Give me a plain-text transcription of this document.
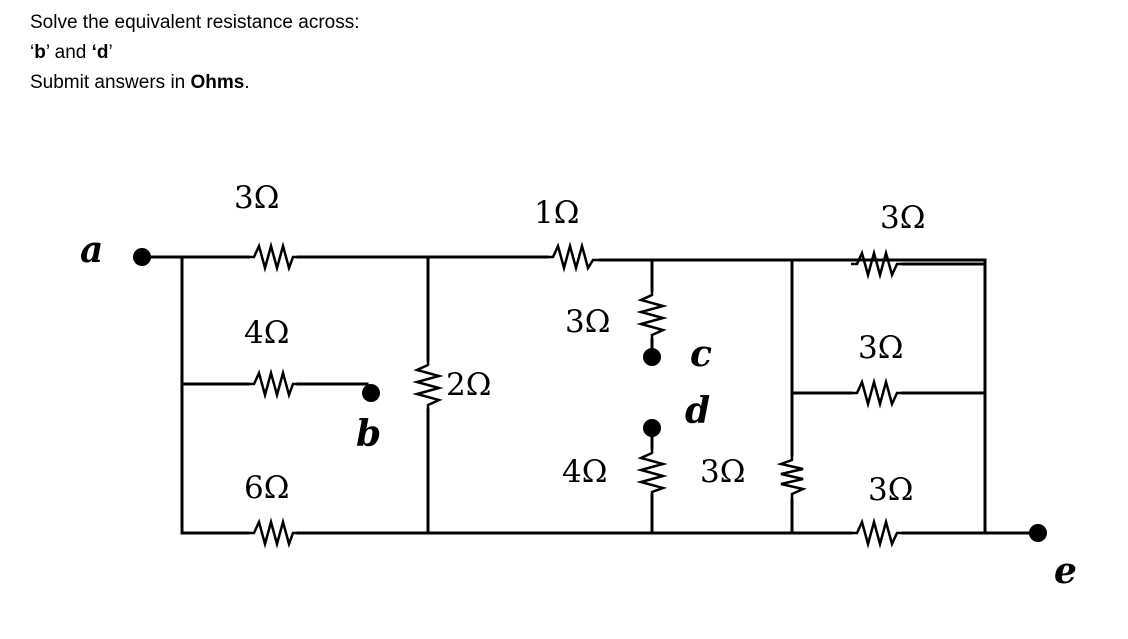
Solve the equivalent resistance across:

‘b’ and ‘d’

Submit answers in Ohms.

a
b
c
d
e
3Ω
4Ω
6Ω
2Ω
1Ω
3Ω
4Ω	3Ω
3Ω
3Ω
3Ω
